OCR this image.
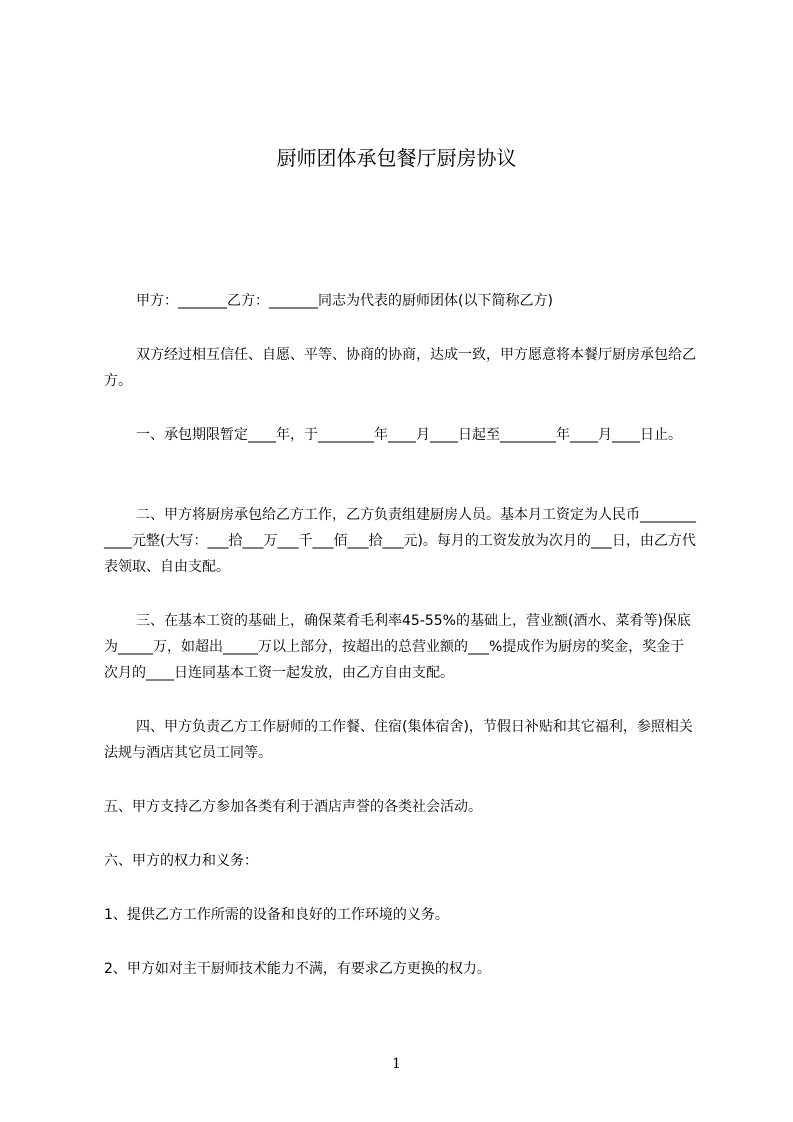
厨师团体承包餐厅厨房协议

甲方：_______乙方：_______同志为代表的厨师团体(以下简称乙方)

双方经过相互信任、自愿、平等、协商的协商，达成一致，甲方愿意将本餐厅厨房承包给乙方。

一、承包期限暂定____年，于________年____月____日起至________年____月____日止。

二、甲方将厨房承包给乙方工作，乙方负责组建厨房人员。基本月工资定为人民币____________元整(大写：___拾___万___千___佰___拾___元)。每月的工资发放为次月的___日，由乙方代表领取、自由支配。

三、在基本工资的基础上，确保菜肴毛利率45-55%的基础上，营业额(酒水、菜肴等)保底为_____万，如超出_____万以上部分，按超出的总营业额的___%提成作为厨房的奖金，奖金于次月的____日连同基本工资一起发放，由乙方自由支配。

四、甲方负责乙方工作厨师的工作餐、住宿(集体宿舍)，节假日补贴和其它福利，参照相关法规与酒店其它员工同等。

五、甲方支持乙方参加各类有利于酒店声誉的各类社会活动。

六、甲方的权力和义务：

1、提供乙方工作所需的设备和良好的工作环境的义务。

2、甲方如对主干厨师技术能力不满，有要求乙方更换的权力。

1
